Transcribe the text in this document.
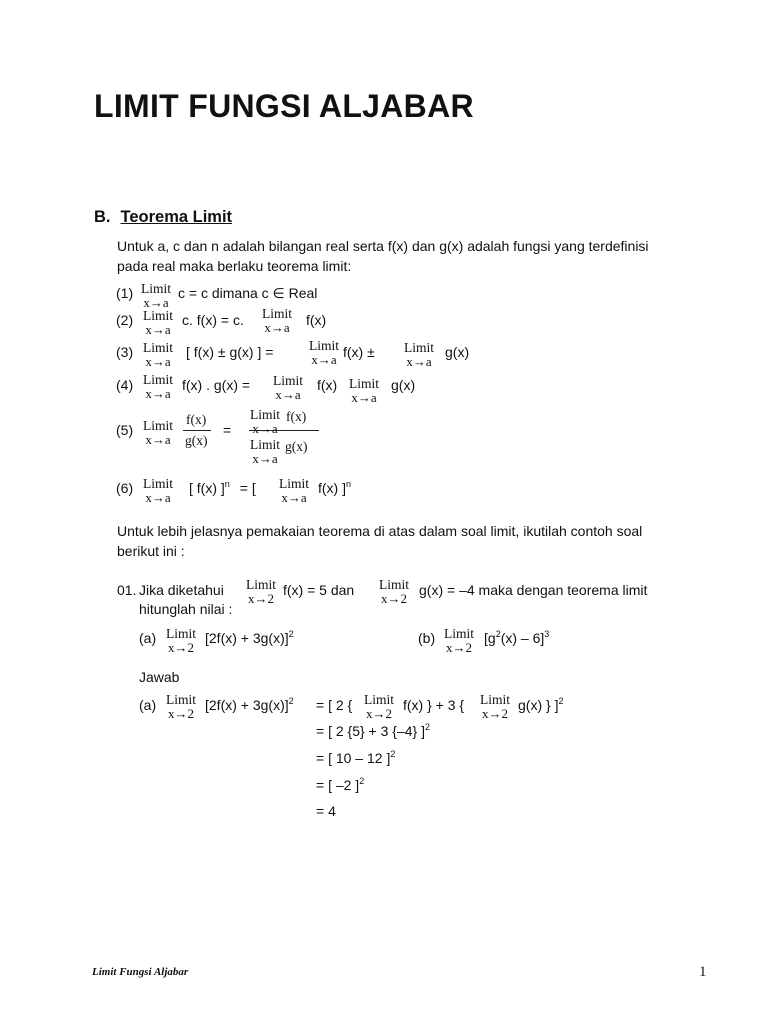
LIMIT FUNGSI ALJABAR
B. Teorema Limit
Untuk a, c dan n adalah bilangan real serta f(x) dan g(x) adalah fungsi yang terdefinisi
pada real maka berlaku teorema limit:
(1) Limit
x→a
c = c dimana c ∈ Real
(2) Limit
x→a
c. f(x) = c. Limit
x→a f(x)
(3) Limit
x→a
[ f(x) ± g(x) ] =	Limit
x→a f(x) ± Limit
x→a
g(x)
(4) Limit
x→a f(x) . g(x) = Limit
x→a
f(x) Limit
x→a
g(x)
(5) Limit
x→a
f(x)
g(x)
=
Limit
x→a
f(x)
Limit
x→a
g(x)
(6) Limit
x→a
[ f(x) ]$^n$ = [ Limit
x→a
f(x) ]$^n$
Untuk lebih jelasnya pemakaian teorema di atas dalam soal limit, ikutilah contoh soal
berikut ini :
01. Jika diketahui Limit
x→2 f(x) = 5 dan Limit
x→2 g(x) = –4 maka dengan teorema limit
hitunglah nilai :
(a) Limit
x→2
$[2f(x) + 3g(x)]^2$	(b) Limit
x→2
$[g^2(x) - 6]^3$
Jawab
(a) Limit
x→2 $[2f(x) + 3g(x)]^2$ = [ 2 { Limit
x→2 f(x) } + 3 { Limit
x→2 g(x) } ]$^2$
= [ 2 {5} + 3 {–4} ]$^2$
= [ 10 – 12 ]$^2$
= [ –2 ]$^2$
= 4
Limit Fungsi Aljabar	1
